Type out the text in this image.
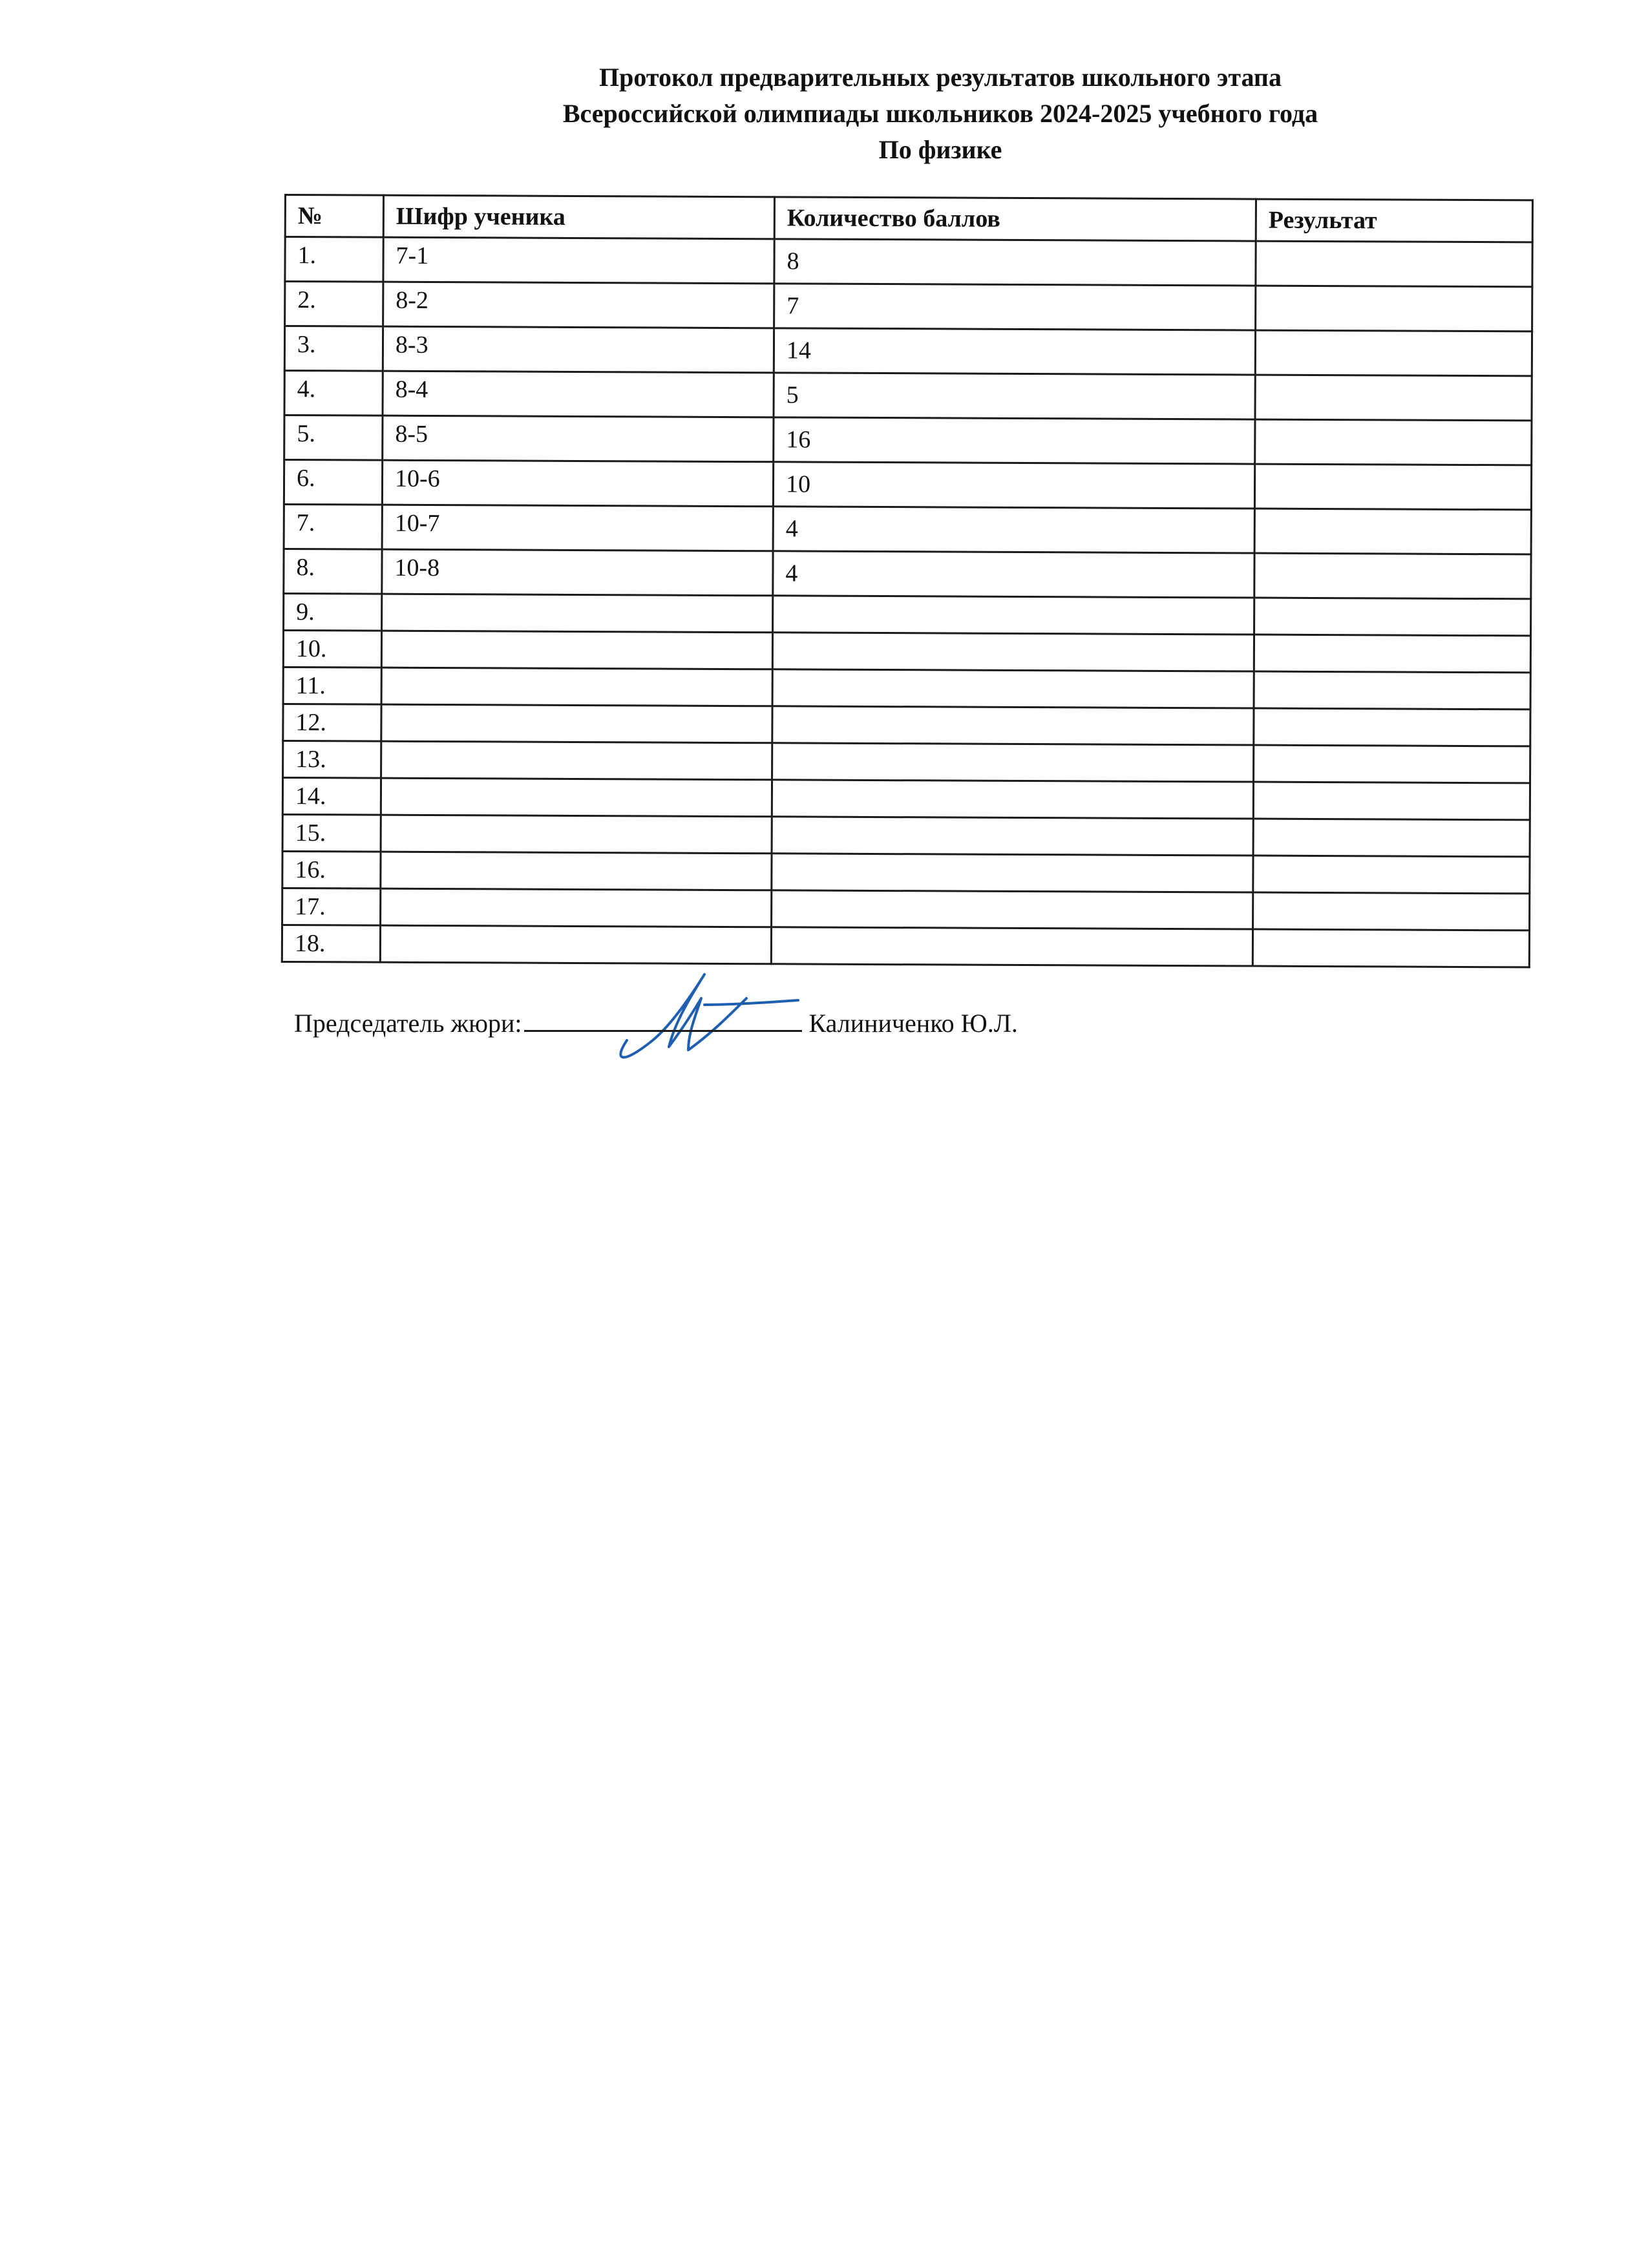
Протокол предварительных результатов школьного этапа
Всероссийской олимпиады школьников 2024-2025 учебного года
По физике
№	Шифр ученика	Количество баллов	Результат
1.	7-1	8	
2.	8-2	7	
3.	8-3	14	
4.	8-4	5	
5.	8-5	16	
6.	10-6	10	
7.	10-7	4	
8.	10-8	4	
9.			
10.			
11.			
12.			
13.			
14.			
15.			
16.			
17.			
18.			
Председатель жюри:	Калиниченко Ю.Л.
